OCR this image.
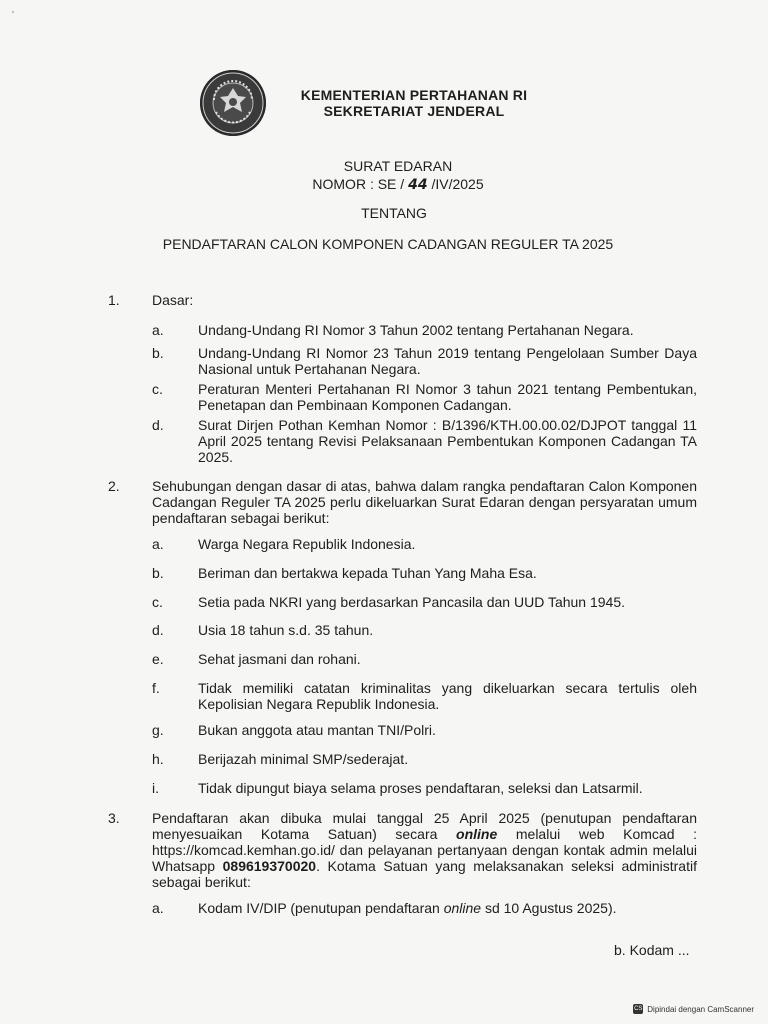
'
KEMENTERIAN PERTAHANAN RI
SEKRETARIAT JENDERAL
SURAT EDARAN
NOMOR : SE / 44 /IV/2025
TENTANG
PENDAFTARAN CALON KOMPONEN CADANGAN REGULER TA 2025
1. Dasar:
a. Undang-Undang RI Nomor 3 Tahun 2002 tentang Pertahanan Negara.
b. Undang-Undang RI Nomor 23 Tahun 2019 tentang Pengelolaan Sumber Daya Nasional untuk Pertahanan Negara.
c.	Peraturan Menteri Pertahanan RI Nomor 3 tahun 2021 tentang Pembentukan, Penetapan dan Pembinaan Komponen Cadangan.
d. Surat Dirjen Pothan Kemhan Nomor : B/1396/KTH.00.00.02/DJPOT tanggal 11 April 2025 tentang Revisi Pelaksanaan Pembentukan Komponen Cadangan TA 2025.
2. Sehubungan dengan dasar di atas, bahwa dalam rangka pendaftaran Calon Komponen Cadangan Reguler TA 2025 perlu dikeluarkan Surat Edaran dengan persyaratan umum pendaftaran sebagai berikut:
a. Warga Negara Republik Indonesia.
b. Beriman dan bertakwa kepada Tuhan Yang Maha Esa.
c.	Setia pada NKRI yang berdasarkan Pancasila dan UUD Tahun 1945.
d. Usia 18 tahun s.d. 35 tahun.
e. Sehat jasmani dan rohani.
f.	Tidak memiliki catatan kriminalitas yang dikeluarkan secara tertulis oleh Kepolisian Negara Republik Indonesia.
g. Bukan anggota atau mantan TNI/Polri.
h. Berijazah minimal SMP/sederajat.
i.	Tidak dipungut biaya selama proses pendaftaran, seleksi dan Latsarmil.
3. Pendaftaran akan dibuka mulai tanggal 25 April 2025 (penutupan pendaftaran menyesuaikan Kotama Satuan) secara online melalui web Komcad : https://komcad.kemhan.go.id/ dan pelayanan pertanyaan dengan kontak admin melalui Whatsapp 089619370020. Kotama Satuan yang melaksanakan seleksi administratif sebagai berikut:
a. Kodam IV/DIP (penutupan pendaftaran online sd 10 Agustus 2025).
b. Kodam ...
CS Dipindai dengan CamScanner
